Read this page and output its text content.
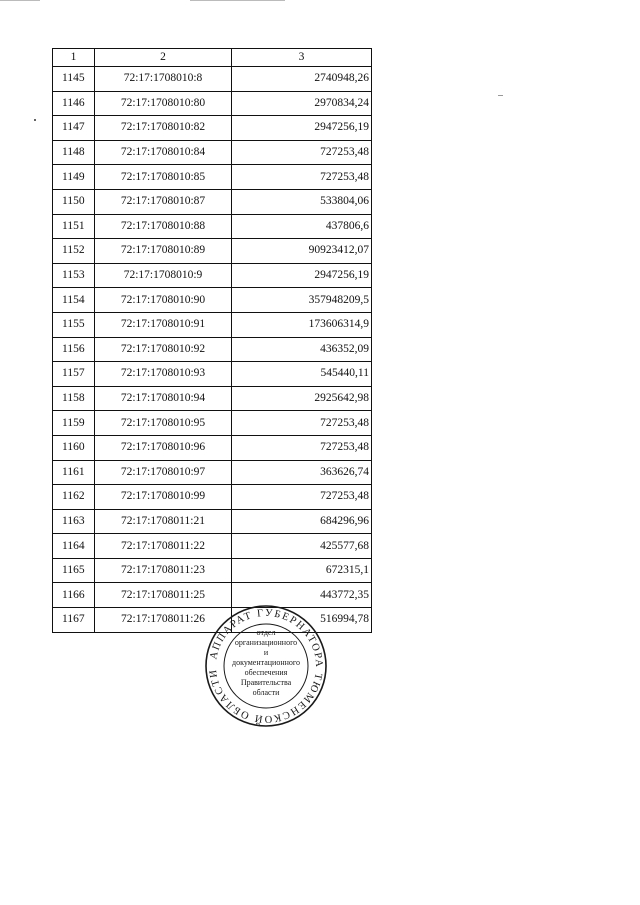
1	2	3
1145	72:17:1708010:8	2740948,26
1146	72:17:1708010:80	2970834,24
1147	72:17:1708010:82	2947256,19
1148	72:17:1708010:84	727253,48
1149	72:17:1708010:85	727253,48
1150	72:17:1708010:87	533804,06
1151	72:17:1708010:88	437806,6
1152	72:17:1708010:89	90923412,07
1153	72:17:1708010:9	2947256,19
1154	72:17:1708010:90	357948209,5
1155	72:17:1708010:91	173606314,9
1156	72:17:1708010:92	436352,09
1157	72:17:1708010:93	545440,11
1158	72:17:1708010:94	2925642,98
1159	72:17:1708010:95	727253,48
1160	72:17:1708010:96	727253,48
1161	72:17:1708010:97	363626,74
1162	72:17:1708010:99	727253,48
1163	72:17:1708011:21	684296,96
1164	72:17:1708011:22	425577,68
1165	72:17:1708011:23	672315,1
1166	72:17:1708011:25	443772,35
1167	72:17:1708011:26	516994,78
АППАРАТ ГУБЕРНАТОРА ТЮМЕНСКОЙ ОБЛАСТИ
отдел
организационного
и
документационного
обеспечения
Правительства
области
